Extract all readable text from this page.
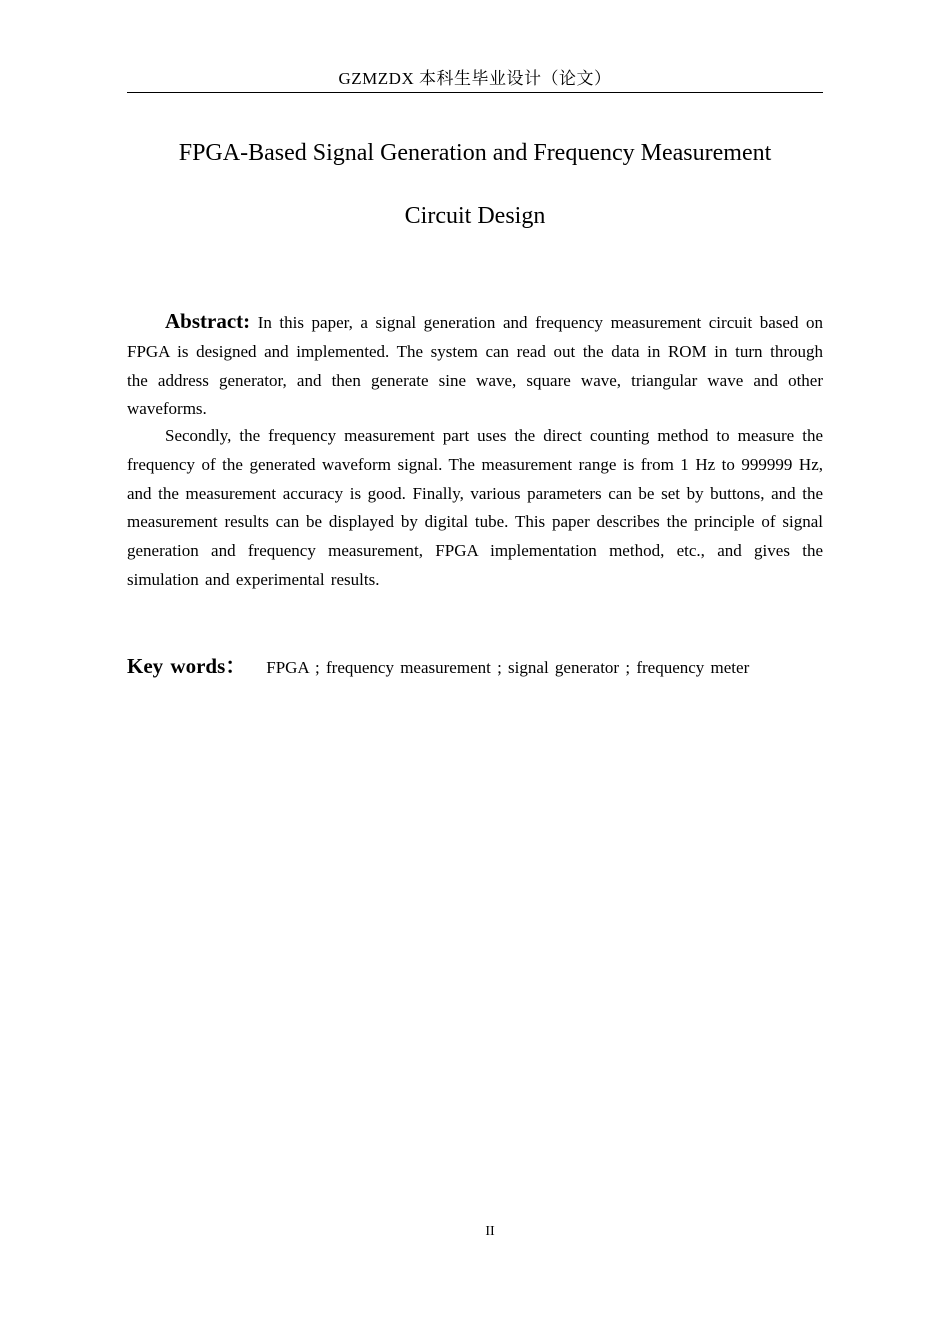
GZMZDX 本科生毕业设计（论文）
FPGA-Based Signal Generation and Frequency Measurement
Circuit Design

Abstract: In this paper, a signal generation and frequency measurement circuit based on FPGA is designed and implemented. The system can read out the data in ROM in turn through the address generator, and then generate sine wave, square wave, triangular wave and other waveforms.

Secondly, the frequency measurement part uses the direct counting method to measure the frequency of the generated waveform signal. The measurement range is from 1 Hz to 999999 Hz, and the measurement accuracy is good. Finally, various parameters can be set by buttons, and the measurement results can be displayed by digital tube. This paper describes the principle of signal generation and frequency measurement, FPGA implementation method, etc., and gives the simulation and experimental results.

Key words： FPGA ; frequency measurement ; signal generator ; frequency meter

II
